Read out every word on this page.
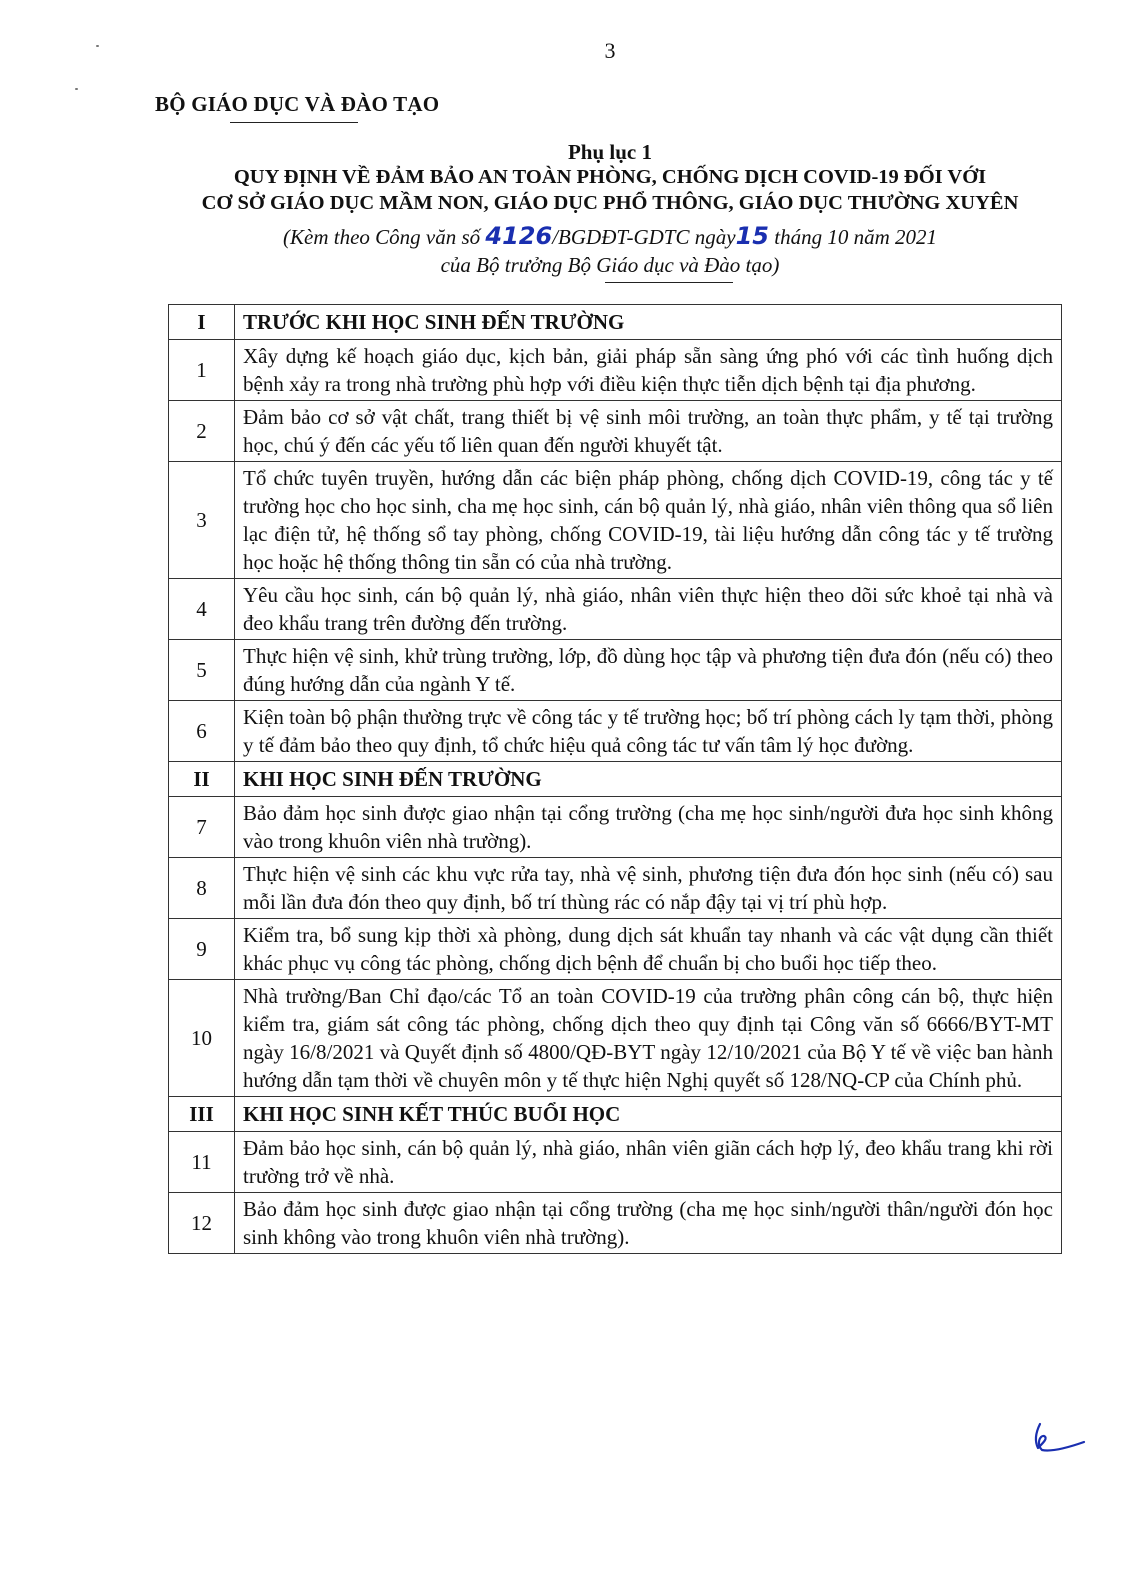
3
BỘ GIÁO DỤC VÀ ĐÀO TẠO
Phụ lục 1
QUY ĐỊNH VỀ ĐẢM BẢO AN TOÀN PHÒNG, CHỐNG DỊCH COVID-19 ĐỐI VỚI
CƠ SỞ GIÁO DỤC MẦM NON, GIÁO DỤC PHỔ THÔNG, GIÁO DỤC THƯỜNG XUYÊN
(Kèm theo Công văn số 4126/BGDĐT-GDTC ngày15 tháng 10 năm 2021
của Bộ trưởng Bộ Giáo dục và Đào tạo)
I	TRƯỚC KHI HỌC SINH ĐẾN TRƯỜNG
1	Xây dựng kế hoạch giáo dục, kịch bản, giải pháp sẵn sàng ứng phó với các tình huống dịch bệnh xảy ra trong nhà trường phù hợp với điều kiện thực tiễn dịch bệnh tại địa phương.
2	Đảm bảo cơ sở vật chất, trang thiết bị vệ sinh môi trường, an toàn thực phẩm, y tế tại trường học, chú ý đến các yếu tố liên quan đến người khuyết tật.
3	Tổ chức tuyên truyền, hướng dẫn các biện pháp phòng, chống dịch COVID-19, công tác y tế trường học cho học sinh, cha mẹ học sinh, cán bộ quản lý, nhà giáo, nhân viên thông qua sổ liên lạc điện tử, hệ thống sổ tay phòng, chống COVID-19, tài liệu hướng dẫn công tác y tế trường học hoặc hệ thống thông tin sẵn có của nhà trường.
4	Yêu cầu học sinh, cán bộ quản lý, nhà giáo, nhân viên thực hiện theo dõi sức khoẻ tại nhà và đeo khẩu trang trên đường đến trường.
5	Thực hiện vệ sinh, khử trùng trường, lớp, đồ dùng học tập và phương tiện đưa đón (nếu có) theo đúng hướng dẫn của ngành Y tế.
6	Kiện toàn bộ phận thường trực về công tác y tế trường học; bố trí phòng cách ly tạm thời, phòng y tế đảm bảo theo quy định, tổ chức hiệu quả công tác tư vấn tâm lý học đường.
II	KHI HỌC SINH ĐẾN TRƯỜNG
7	Bảo đảm học sinh được giao nhận tại cổng trường (cha mẹ học sinh/người đưa học sinh không vào trong khuôn viên nhà trường).
8	Thực hiện vệ sinh các khu vực rửa tay, nhà vệ sinh, phương tiện đưa đón học sinh (nếu có) sau mỗi lần đưa đón theo quy định, bố trí thùng rác có nắp đậy tại vị trí phù hợp.
9	Kiểm tra, bổ sung kịp thời xà phòng, dung dịch sát khuẩn tay nhanh và các vật dụng cần thiết khác phục vụ công tác phòng, chống dịch bệnh để chuẩn bị cho buổi học tiếp theo.
10	Nhà trường/Ban Chỉ đạo/các Tổ an toàn COVID-19 của trường phân công cán bộ, thực hiện kiểm tra, giám sát công tác phòng, chống dịch theo quy định tại Công văn số 6666/BYT-MT ngày 16/8/2021 và Quyết định số 4800/QĐ-BYT ngày 12/10/2021 của Bộ Y tế về việc ban hành hướng dẫn tạm thời về chuyên môn y tế thực hiện Nghị quyết số 128/NQ-CP của Chính phủ.
III	KHI HỌC SINH KẾT THÚC BUỔI HỌC
11	Đảm bảo học sinh, cán bộ quản lý, nhà giáo, nhân viên giãn cách hợp lý, đeo khẩu trang khi rời trường trở về nhà.
12	Bảo đảm học sinh được giao nhận tại cổng trường (cha mẹ học sinh/người thân/người đón học sinh không vào trong khuôn viên nhà trường).
